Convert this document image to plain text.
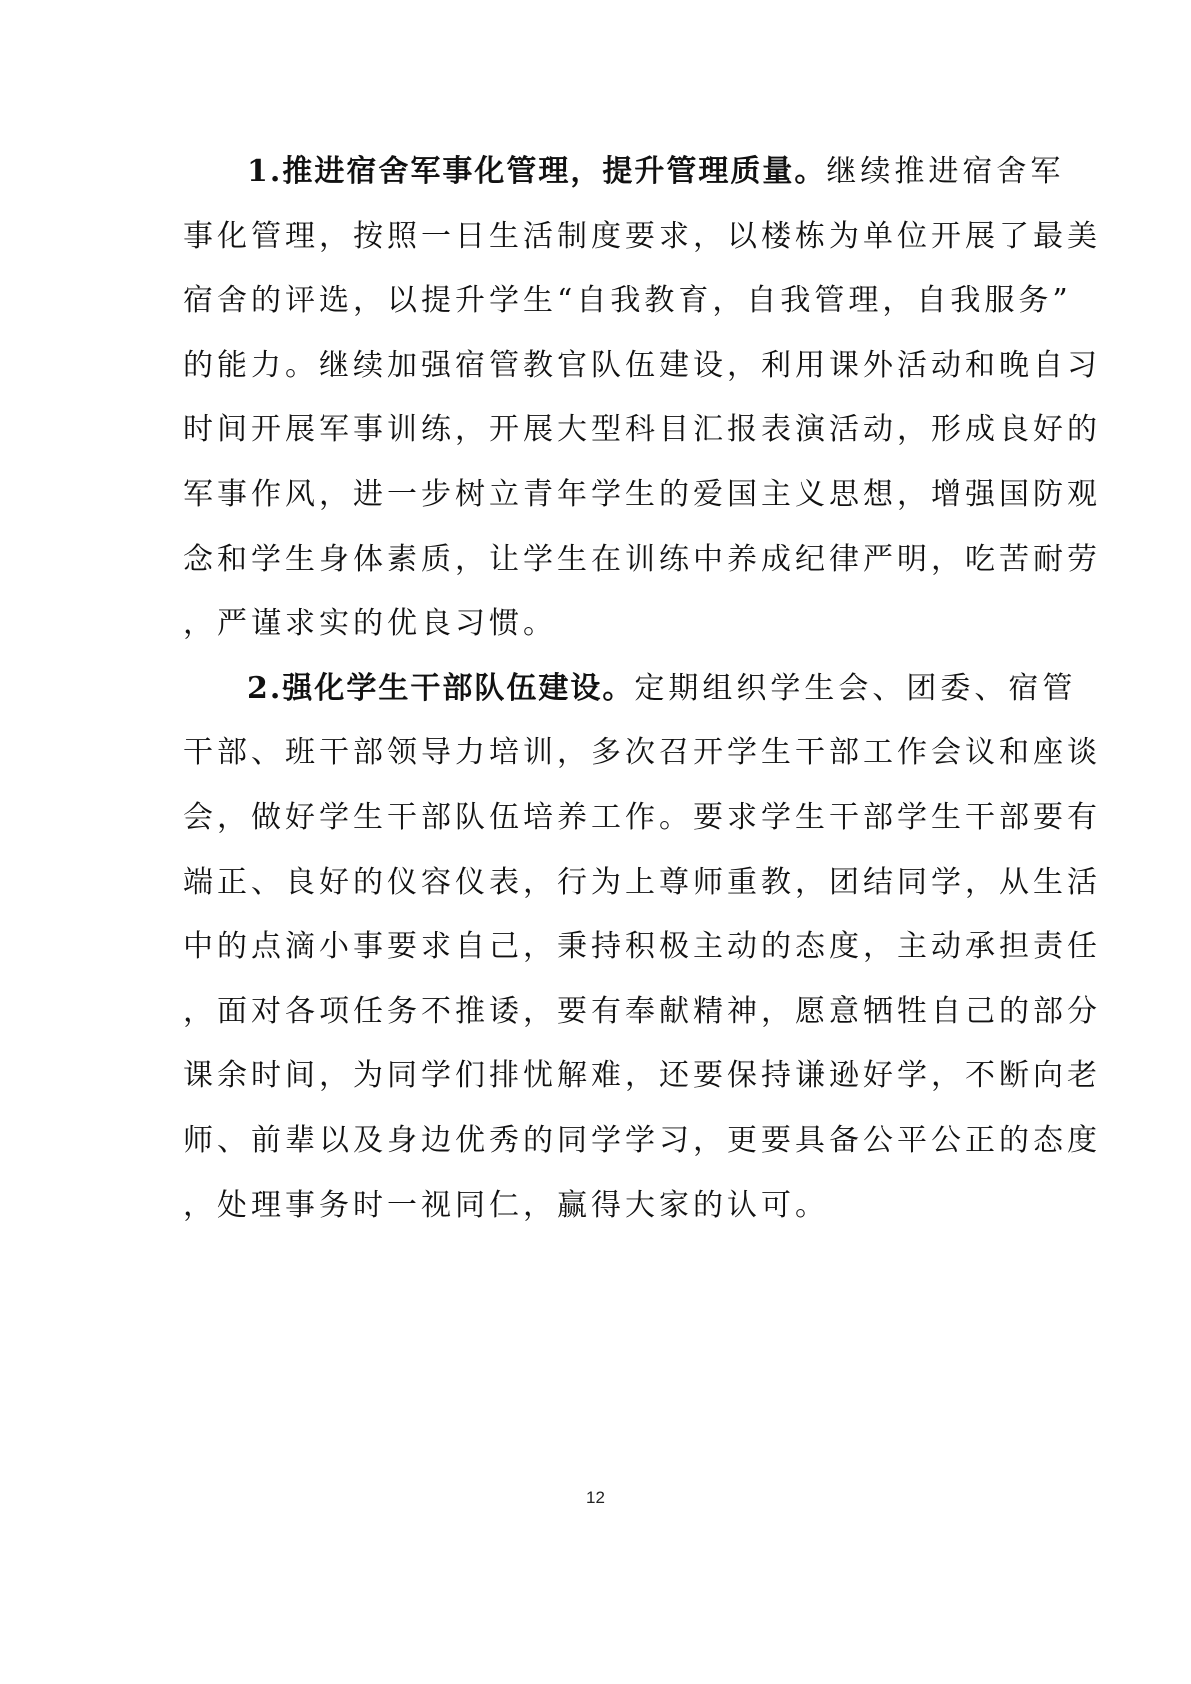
1.推进宿舍军事化管理，提升管理质量。继续推进宿舍军
事化管理，按照一日生活制度要求，以楼栋为单位开展了最美
宿舍的评选，以提升学生“自我教育，自我管理，自我服务”
的能力。继续加强宿管教官队伍建设，利用课外活动和晚自习
时间开展军事训练，开展大型科目汇报表演活动，形成良好的
军事作风，进一步树立青年学生的爱国主义思想，增强国防观
念和学生身体素质，让学生在训练中养成纪律严明，吃苦耐劳
，严谨求实的优良习惯。
2.强化学生干部队伍建设。定期组织学生会、团委、宿管
干部、班干部领导力培训，多次召开学生干部工作会议和座谈
会，做好学生干部队伍培养工作。要求学生干部学生干部要有
端正、良好的仪容仪表，行为上尊师重教，团结同学，从生活
中的点滴小事要求自己，秉持积极主动的态度，主动承担责任
，面对各项任务不推诿，要有奉献精神，愿意牺牲自己的部分
课余时间，为同学们排忧解难，还要保持谦逊好学，不断向老
师、前辈以及身边优秀的同学学习，更要具备公平公正的态度
，处理事务时一视同仁，赢得大家的认可。
12
